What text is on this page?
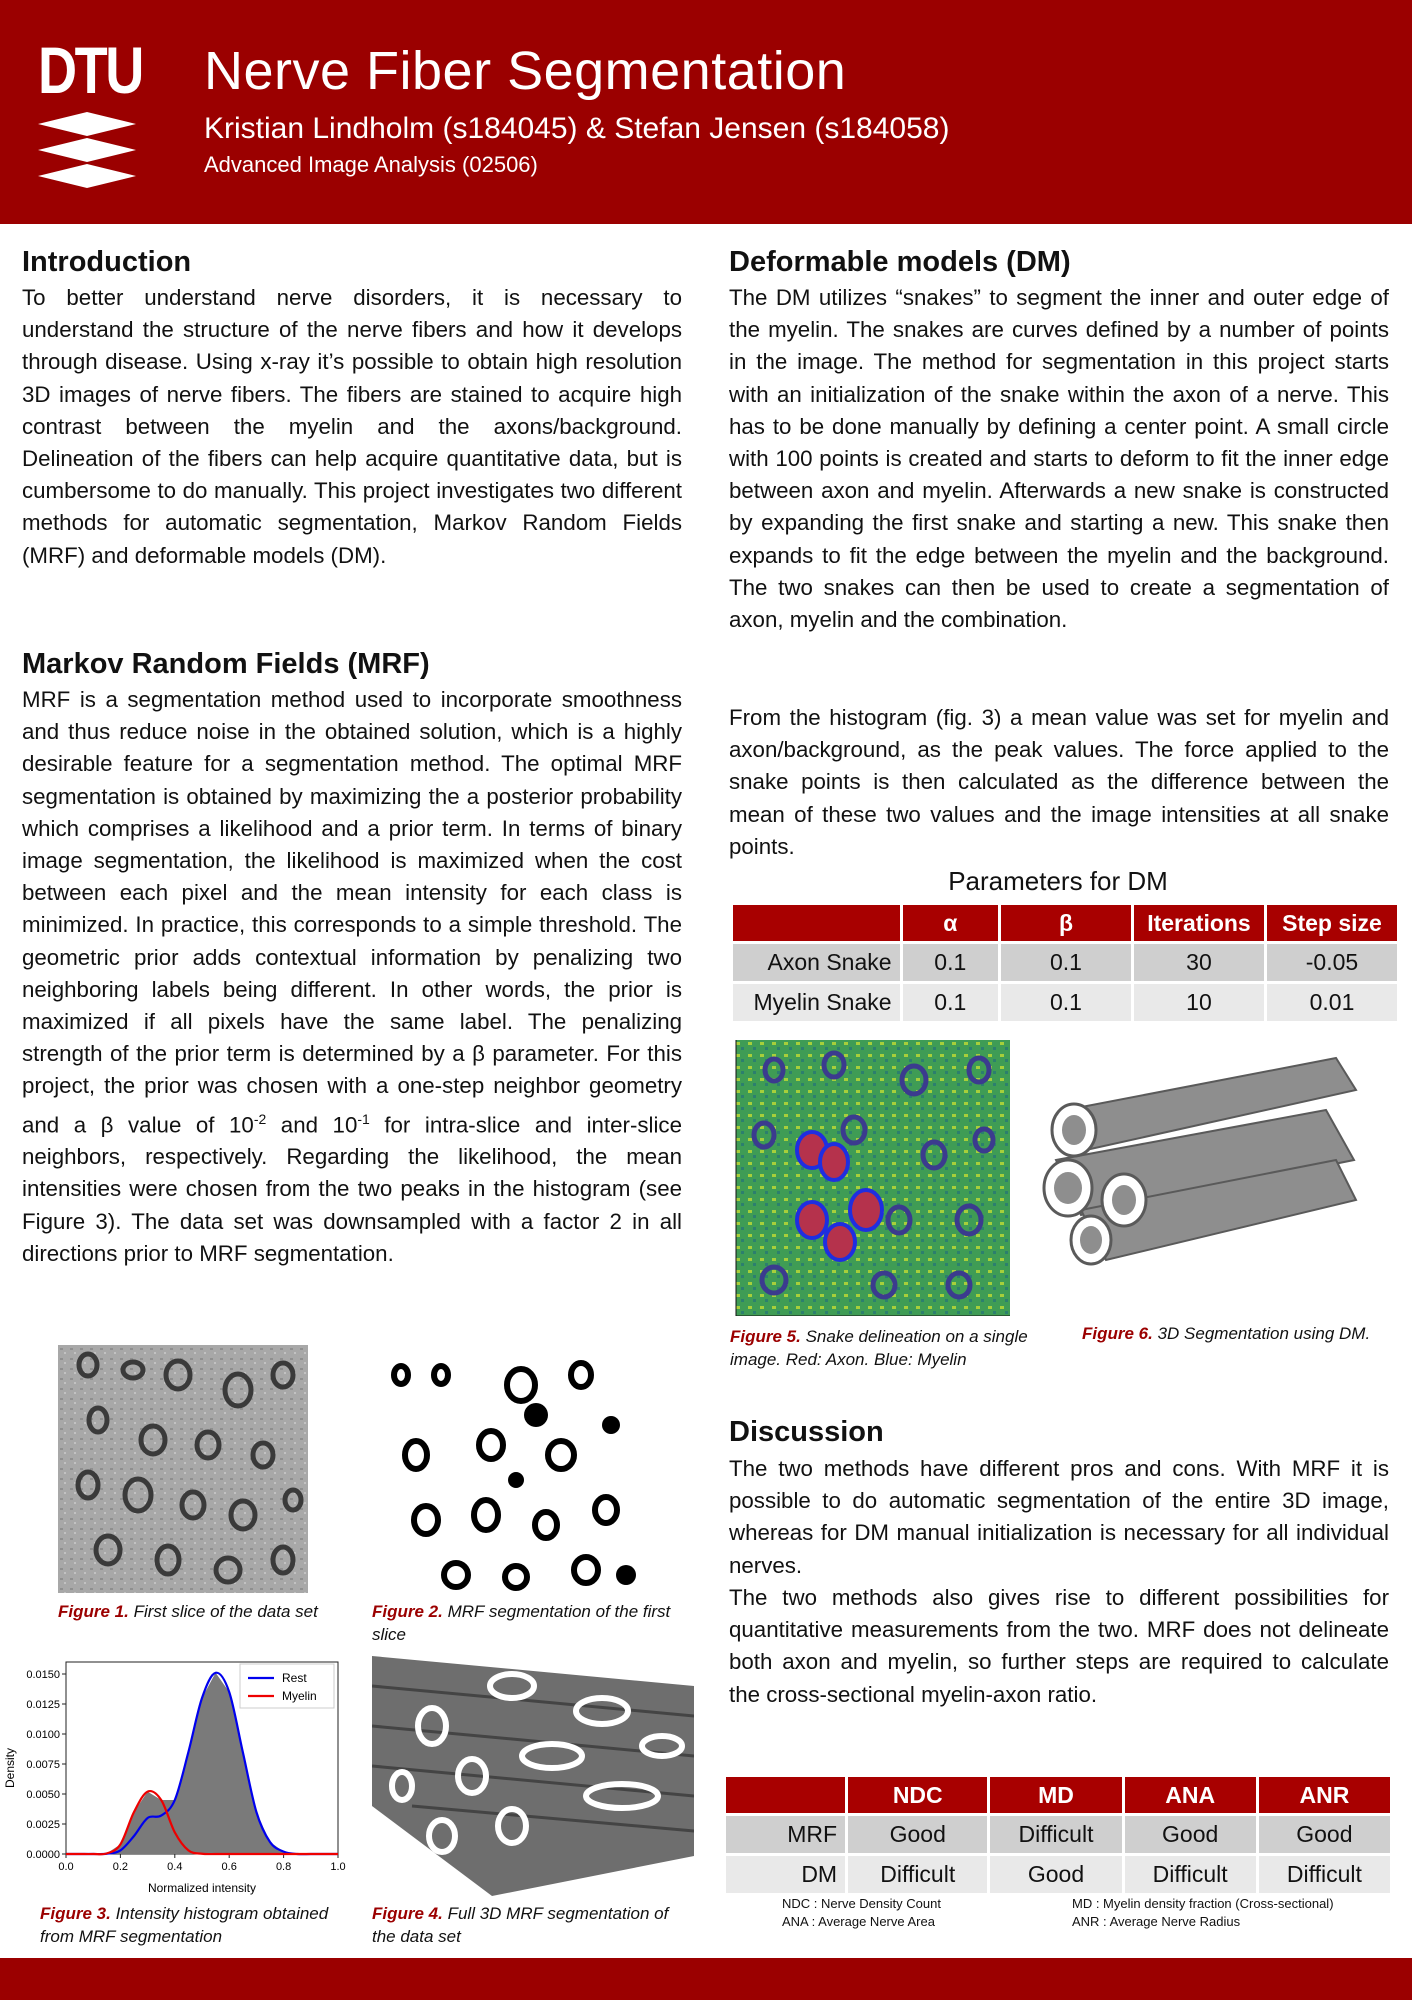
DTU Nerve Fiber Segmentation
Kristian Lindholm (s184045) & Stefan Jensen (s184058)
Advanced Image Analysis (02506)
Introduction

To better understand nerve disorders, it is necessary to understand the structure of the nerve fibers and how it develops through disease. Using x-ray it’s possible to obtain high resolution 3D images of nerve fibers. The fibers are stained to acquire high contrast between the myelin and the axons/background. Delineation of the fibers can help acquire quantitative data, but is cumbersome to do manually. This project investigates two different methods for automatic segmentation, Markov Random Fields (MRF) and deformable models (DM).

Markov Random Fields (MRF)

MRF is a segmentation method used to incorporate smoothness and thus reduce noise in the obtained solution, which is a highly desirable feature for a segmentation method. The optimal MRF segmentation is obtained by maximizing the a posterior probability which comprises a likelihood and a prior term. In terms of binary image segmentation, the likelihood is maximized when the cost between each pixel and the mean intensity for each class is minimized. In practice, this corresponds to a simple threshold. The geometric prior adds contextual information by penalizing two neighboring labels being different. In other words, the prior is maximized if all pixels have the same label. The penalizing strength of the prior term is determined by a β parameter. For this project, the prior was chosen with a one-step neighbor geometry and a β value of $10^{-2}$ and $10^{-1}$ for intra-slice and inter-slice neighbors, respectively. Regarding the likelihood, the mean intensities were chosen from the two peaks in the histogram (see Figure 3). The data set was downsampled with a factor 2 in all directions prior to MRF segmentation.

Figure 1. First slice of the data set	Figure 2. MRF segmentation of the first slice
Density
Normalized intensity
0.0	0.2	0.4	0.6	0.8	1.0
0.0000
0.0025
0.0050
0.0075
0.0100
0.0125
0.0150	Rest
Myelin
Figure 3. Intensity histogram obtained from MRF segmentation
Figure 4. Full 3D MRF segmentation of the data set
Deformable models (DM)

The DM utilizes “snakes” to segment the inner and outer edge of the myelin. The snakes are curves defined by a number of points in the image. The method for segmentation in this project starts with an initialization of the snake within the axon of a nerve. This has to be done manually by defining a center point. A small circle with 100 points is created and starts to deform to fit the inner edge between axon and myelin. Afterwards a new snake is constructed by expanding the first snake and starting a new. This snake then expands to fit the edge between the myelin and the background. The two snakes can then be used to create a segmentation of axon, myelin and the combination.

From the histogram (fig. 3) a mean value was set for myelin and axon/background, as the peak values. The force applied to the snake points is then calculated as the difference between the mean of these two values and the image intensities at all snake points.

Parameters for DM
	α	β	Iterations	Step size
Axon Snake	0.1	0.1	30	-0.05
Myelin Snake	0.1	0.1	10	0.01
Figure 5. Snake delineation on a single image. Red: Axon. Blue: Myelin
Figure 6. 3D Segmentation using DM.
Discussion

The two methods have different pros and cons. With MRF it is possible to do automatic segmentation of the entire 3D image, whereas for DM manual initialization is necessary for all individual nerves.

The two methods also gives rise to different possibilities for quantitative measurements from the two. MRF does not delineate both axon and myelin, so further steps are required to calculate the cross-sectional myelin-axon ratio.

	NDC	MD	ANA	ANR
MRF	Good	Difficult	Good	Good
DM	Difficult	Good	Difficult	Difficult
NDC : Nerve Density Count
ANA : Average Nerve Area
MD : Myelin density fraction (Cross-sectional)
ANR : Average Nerve Radius
